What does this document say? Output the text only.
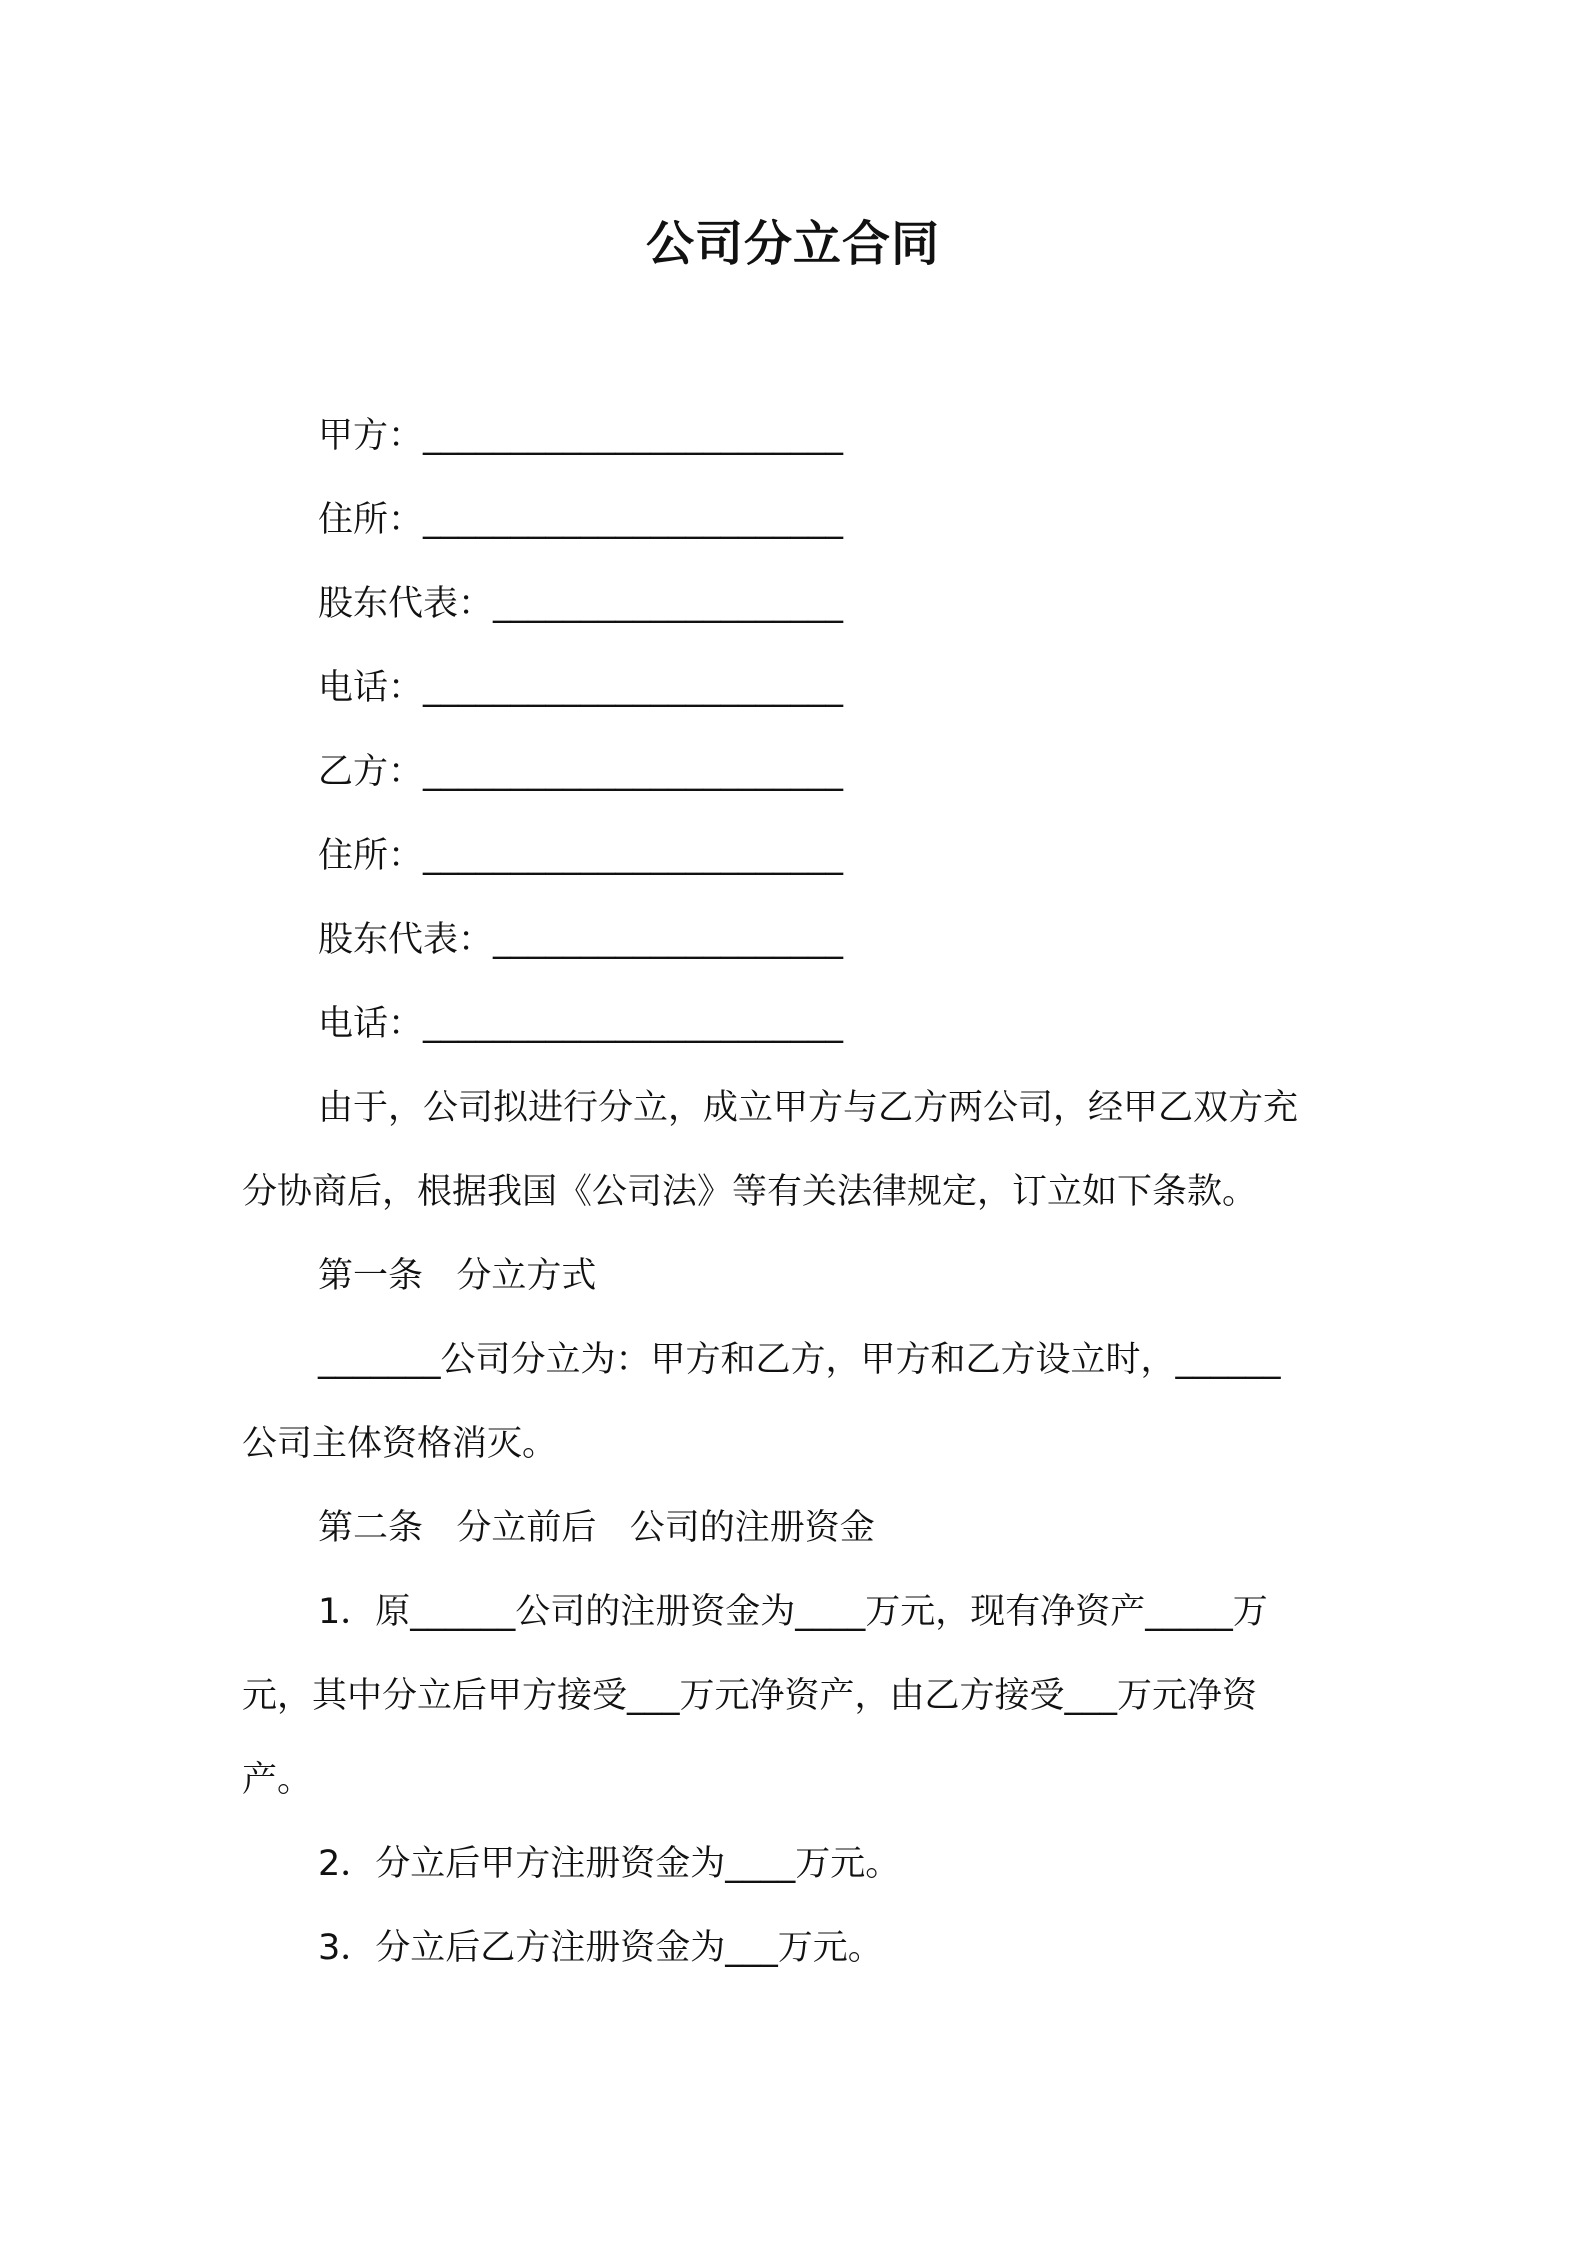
公司分立合同
甲方：________________________
住所：________________________
股东代表：____________________
电话：________________________
乙方：________________________
住所：________________________
股东代表：____________________
电话：________________________
由于，公司拟进行分立，成立甲方与乙方两公司，经甲乙双方充
分协商后，根据我国《公司法》等有关法律规定，订立如下条款。
第一条   分立方式
_______公司分立为：甲方和乙方，甲方和乙方设立时，______
公司主体资格消灭。
第二条   分立前后   公司的注册资金
1．原______公司的注册资金为____万元，现有净资产_____万
元，其中分立后甲方接受___万元净资产，由乙方接受___万元净资
产。
2．分立后甲方注册资金为____万元。
3．分立后乙方注册资金为___万元。
